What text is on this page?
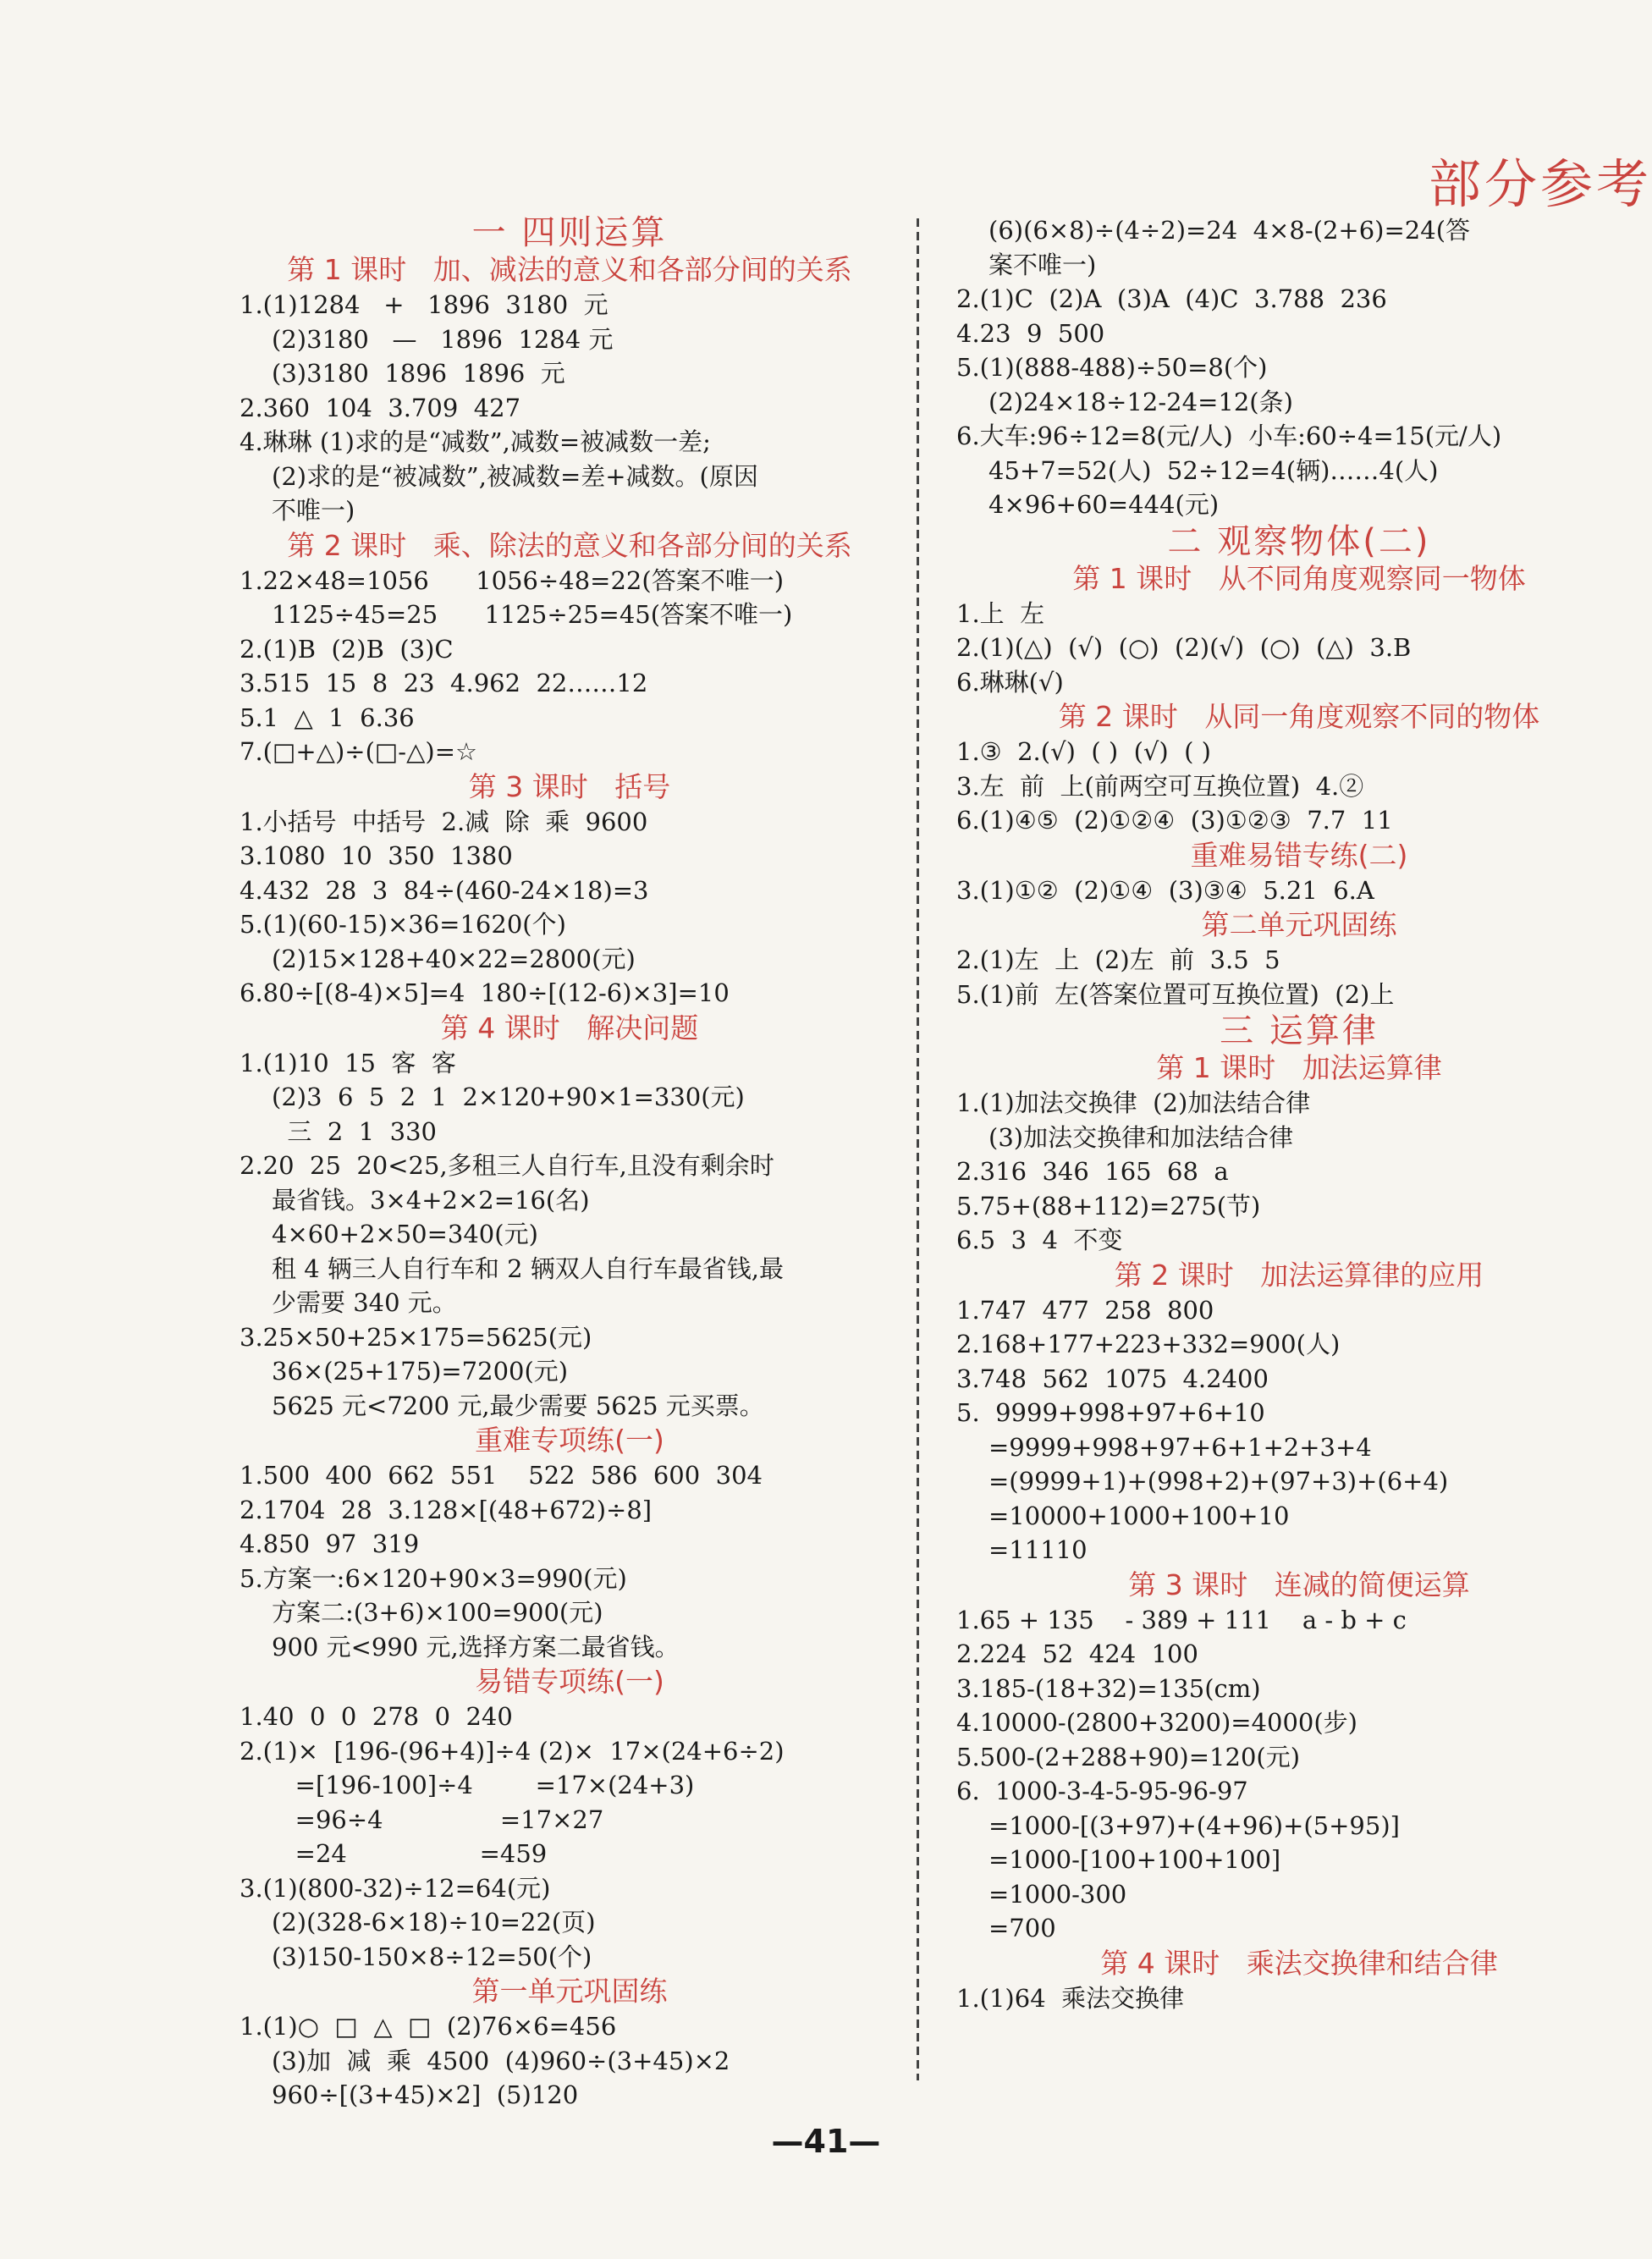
部分参考
一 四则运算
第 1 课时   加、减法的意义和各部分间的关系
1.(1)1284   +   1896  3180  元
(2)3180   —   1896  1284 元
(3)3180  1896  1896  元
2.360  104  3.709  427
4.琳琳 (1)求的是“减数”,减数=被减数一差;
(2)求的是“被减数”,被减数=差+减数。(原因
不唯一)
第 2 课时   乘、除法的意义和各部分间的关系
1.22×48=1056      1056÷48=22(答案不唯一)
1125÷45=25      1125÷25=45(答案不唯一)
2.(1)B  (2)B  (3)C
3.515  15  8  23  4.962  22……12
5.1  △  1  6.36
7.(□+△)÷(□-△)=☆
第 3 课时   括号
1.小括号  中括号  2.减  除  乘  9600
3.1080  10  350  1380
4.432  28  3  84÷(460-24×18)=3
5.(1)(60-15)×36=1620(个)
(2)15×128+40×22=2800(元)
6.80÷[(8-4)×5]=4  180÷[(12-6)×3]=10
第 4 课时   解决问题
1.(1)10  15  客  客
(2)3  6  5  2  1  2×120+90×1=330(元)
三  2  1  330
2.20  25  20<25,多租三人自行车,且没有剩余时
最省钱。3×4+2×2=16(名)
4×60+2×50=340(元)
租 4 辆三人自行车和 2 辆双人自行车最省钱,最
少需要 340 元。
3.25×50+25×175=5625(元)
36×(25+175)=7200(元)
5625 元<7200 元,最少需要 5625 元买票。
重难专项练(一)
1.500  400  662  551    522  586  600  304
2.1704  28  3.128×[(48+672)÷8]
4.850  97  319
5.方案一:6×120+90×3=990(元)
方案二:(3+6)×100=900(元)
900 元<990 元,选择方案二最省钱。
易错专项练(一)
1.40  0  0  278  0  240
2.(1)×  [196-(96+4)]÷4 (2)×  17×(24+6÷2)
=[196-100]÷4        =17×(24+3)
=96÷4               =17×27
=24                 =459
3.(1)(800-32)÷12=64(元)
(2)(328-6×18)÷10=22(页)
(3)150-150×8÷12=50(个)
第一单元巩固练
1.(1)○  □  △  □  (2)76×6=456
(3)加  减  乘  4500  (4)960÷(3+45)×2
960÷[(3+45)×2]  (5)120
(6)(6×8)÷(4÷2)=24  4×8-(2+6)=24(答
案不唯一)
2.(1)C  (2)A  (3)A  (4)C  3.788  236
4.23  9  500
5.(1)(888-488)÷50=8(个)
(2)24×18÷12-24=12(条)
6.大车:96÷12=8(元/人)  小车:60÷4=15(元/人)
45+7=52(人)  52÷12=4(辆)……4(人)
4×96+60=444(元)
二 观察物体(二)
第 1 课时   从不同角度观察同一物体
1.上  左
2.(1)(△)  (√)  (○)  (2)(√)  (○)  (△)  3.B
6.琳琳(√)
第 2 课时   从同一角度观察不同的物体
1.③  2.(√)  ( )  (√)  ( )
3.左  前  上(前两空可互换位置)  4.②
6.(1)④⑤  (2)①②④  (3)①②③  7.7  11
重难易错专练(二)
3.(1)①②  (2)①④  (3)③④  5.21  6.A
第二单元巩固练
2.(1)左  上  (2)左  前  3.5  5
5.(1)前  左(答案位置可互换位置)  (2)上
三 运算律
第 1 课时   加法运算律
1.(1)加法交换律  (2)加法结合律
(3)加法交换律和加法结合律
2.316  346  165  68  a
5.75+(88+112)=275(节)
6.5  3  4  不变
第 2 课时   加法运算律的应用
1.747  477  258  800
2.168+177+223+332=900(人)
3.748  562  1075  4.2400
5.  9999+998+97+6+10
=9999+998+97+6+1+2+3+4
=(9999+1)+(998+2)+(97+3)+(6+4)
=10000+1000+100+10
=11110
第 3 课时   连减的简便运算
1.65 + 135    - 389 + 111    a - b + c
2.224  52  424  100
3.185-(18+32)=135(cm)
4.10000-(2800+3200)=4000(步)
5.500-(2+288+90)=120(元)
6.  1000-3-4-5-95-96-97
=1000-[(3+97)+(4+96)+(5+95)]
=1000-[100+100+100]
=1000-300
=700
第 4 课时   乘法交换律和结合律
1.(1)64  乘法交换律
—41—
